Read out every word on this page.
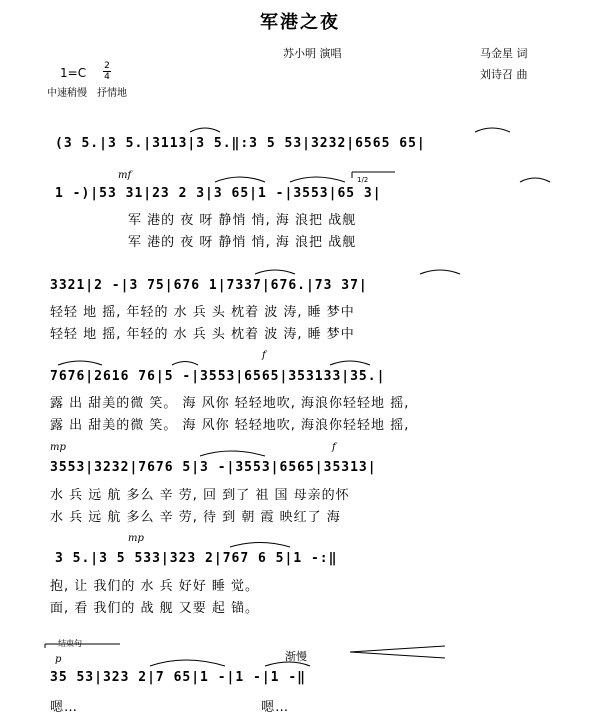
军港之夜
苏小明 演唱	马金星 词
刘诗召 曲
1=C 2
4
中速稍慢　抒情地
(3 5.|3 5.|3113|3 5.‖:3 5 53|3232|6565 65|
1 -)|53 31|23 2 3|3 65|1 -|3553|65 3|
军 港的 夜 呀 静悄 悄, 海 浪把 战舰
军 港的 夜 呀 静悄 悄, 海 浪把 战舰
3321|2 -|3 75|676 1|7337|676.|73 37|
轻轻 地 摇, 年轻的 水 兵 头 枕着 波 涛, 睡 梦中
轻轻 地 摇, 年轻的 水 兵 头 枕着 波 涛, 睡 梦中
7676|2616 76|5 -|3553|6565|353133|35.|
露 出 甜美的微 笑。 海 风你 轻轻地吹, 海浪你轻轻地 摇,
露 出 甜美的微 笑。 海 风你 轻轻地吹, 海浪你轻轻地 摇,
3553|3232|7676 5|3 -|3553|6565|35313|
水 兵 远 航 多么 辛 劳, 回 到了 祖 国 母亲的怀
水 兵 远 航 多么 辛 劳, 待 到 朝 霞 映红了 海
3 5.|3 5 533|323 2|767 6 5|1 -:‖
抱, 让 我们的 水 兵 好好 睡 觉。
面, 看 我们的 战 舰 又要 起 锚。
结束句
渐慢
35 53|323 2|7 65|1 -|1 -|1 -‖
嗯… 嗯…
mf	1/2
f
mp	f
mp
p
